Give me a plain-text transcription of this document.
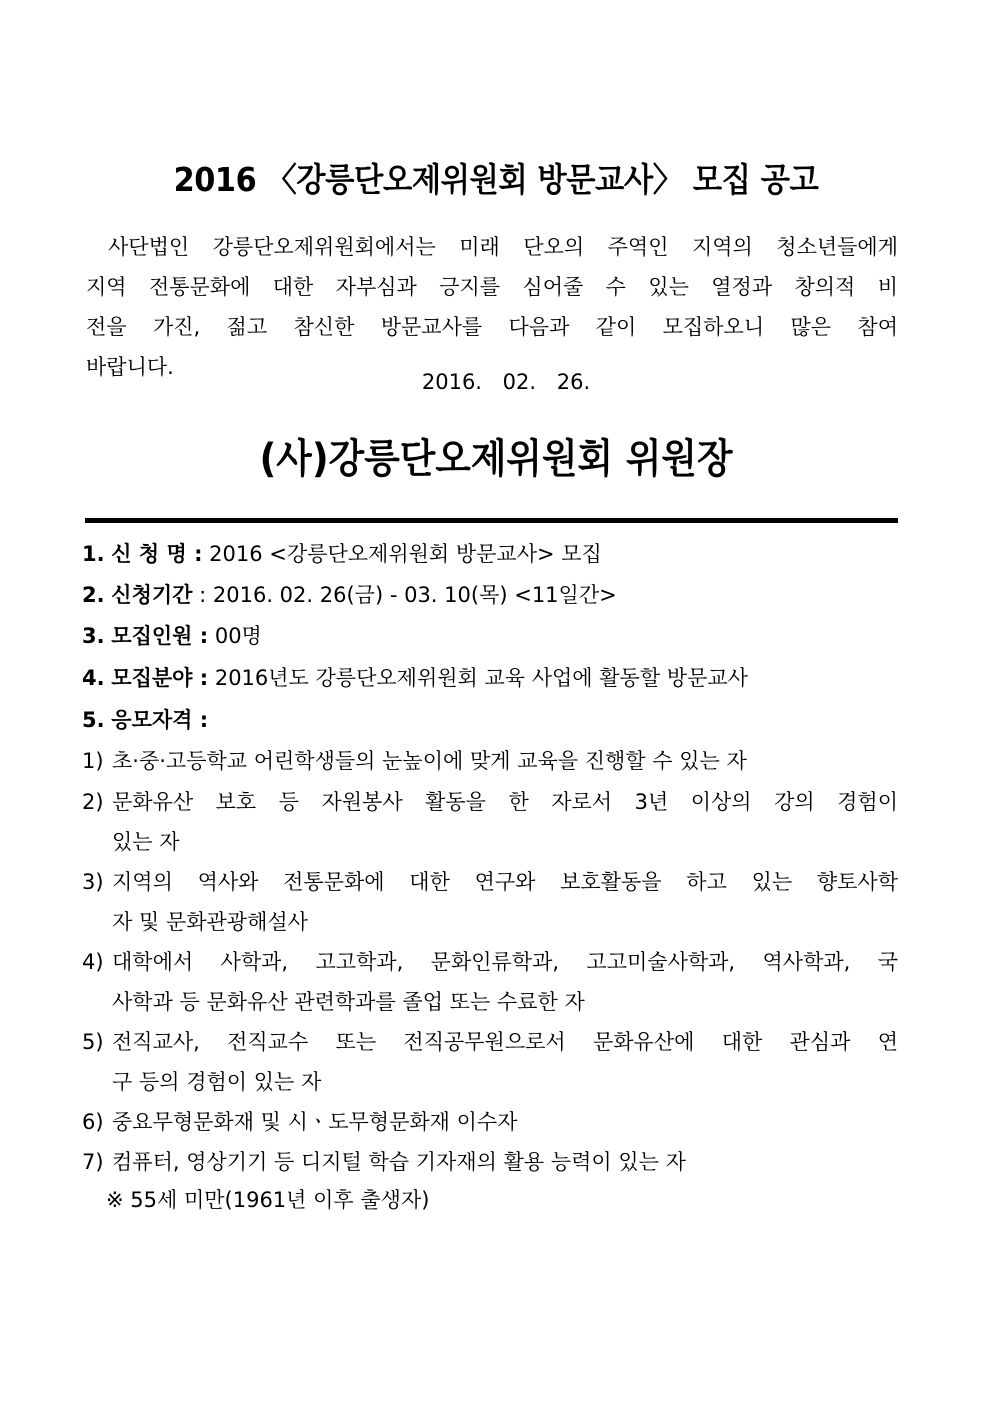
2016 〈강릉단오제위원회 방문교사〉 모집 공고
사단법인 강릉단오제위원회에서는 미래 단오의 주역인 지역의 청소년들에게
지역 전통문화에 대한 자부심과 긍지를 심어줄 수 있는 열정과 창의적 비
전을 가진, 젊고 참신한 방문교사를 다음과 같이 모집하오니 많은 참여
바랍니다.
2016. 02. 26.
(사)강릉단오제위원회 위원장
1. 신 청 명 : 2016 <강릉단오제위원회 방문교사> 모집
2. 신청기간 : 2016. 02. 26(금) - 03. 10(목) <11일간>
3. 모집인원 : 00명
4. 모집분야 : 2016년도 강릉단오제위원회 교육 사업에 활동할 방문교사
5. 응모자격 :
1) 초·중·고등학교 어린학생들의 눈높이에 맞게 교육을 진행할 수 있는 자
2) 문화유산 보호 등 자원봉사 활동을 한 자로서 3년 이상의 강의 경험이
있는 자
3) 지역의 역사와 전통문화에 대한 연구와 보호활동을 하고 있는 향토사학
자 및 문화관광해설사
4) 대학에서 사학과, 고고학과, 문화인류학과, 고고미술사학과, 역사학과, 국
사학과 등 문화유산 관련학과를 졸업 또는 수료한 자
5) 전직교사, 전직교수 또는 전직공무원으로서 문화유산에 대한 관심과 연
구 등의 경험이 있는 자
6) 중요무형문화재 및 시ㆍ도무형문화재 이수자
7) 컴퓨터, 영상기기 등 디지털 학습 기자재의 활용 능력이 있는 자
※ 55세 미만(1961년 이후 출생자)
